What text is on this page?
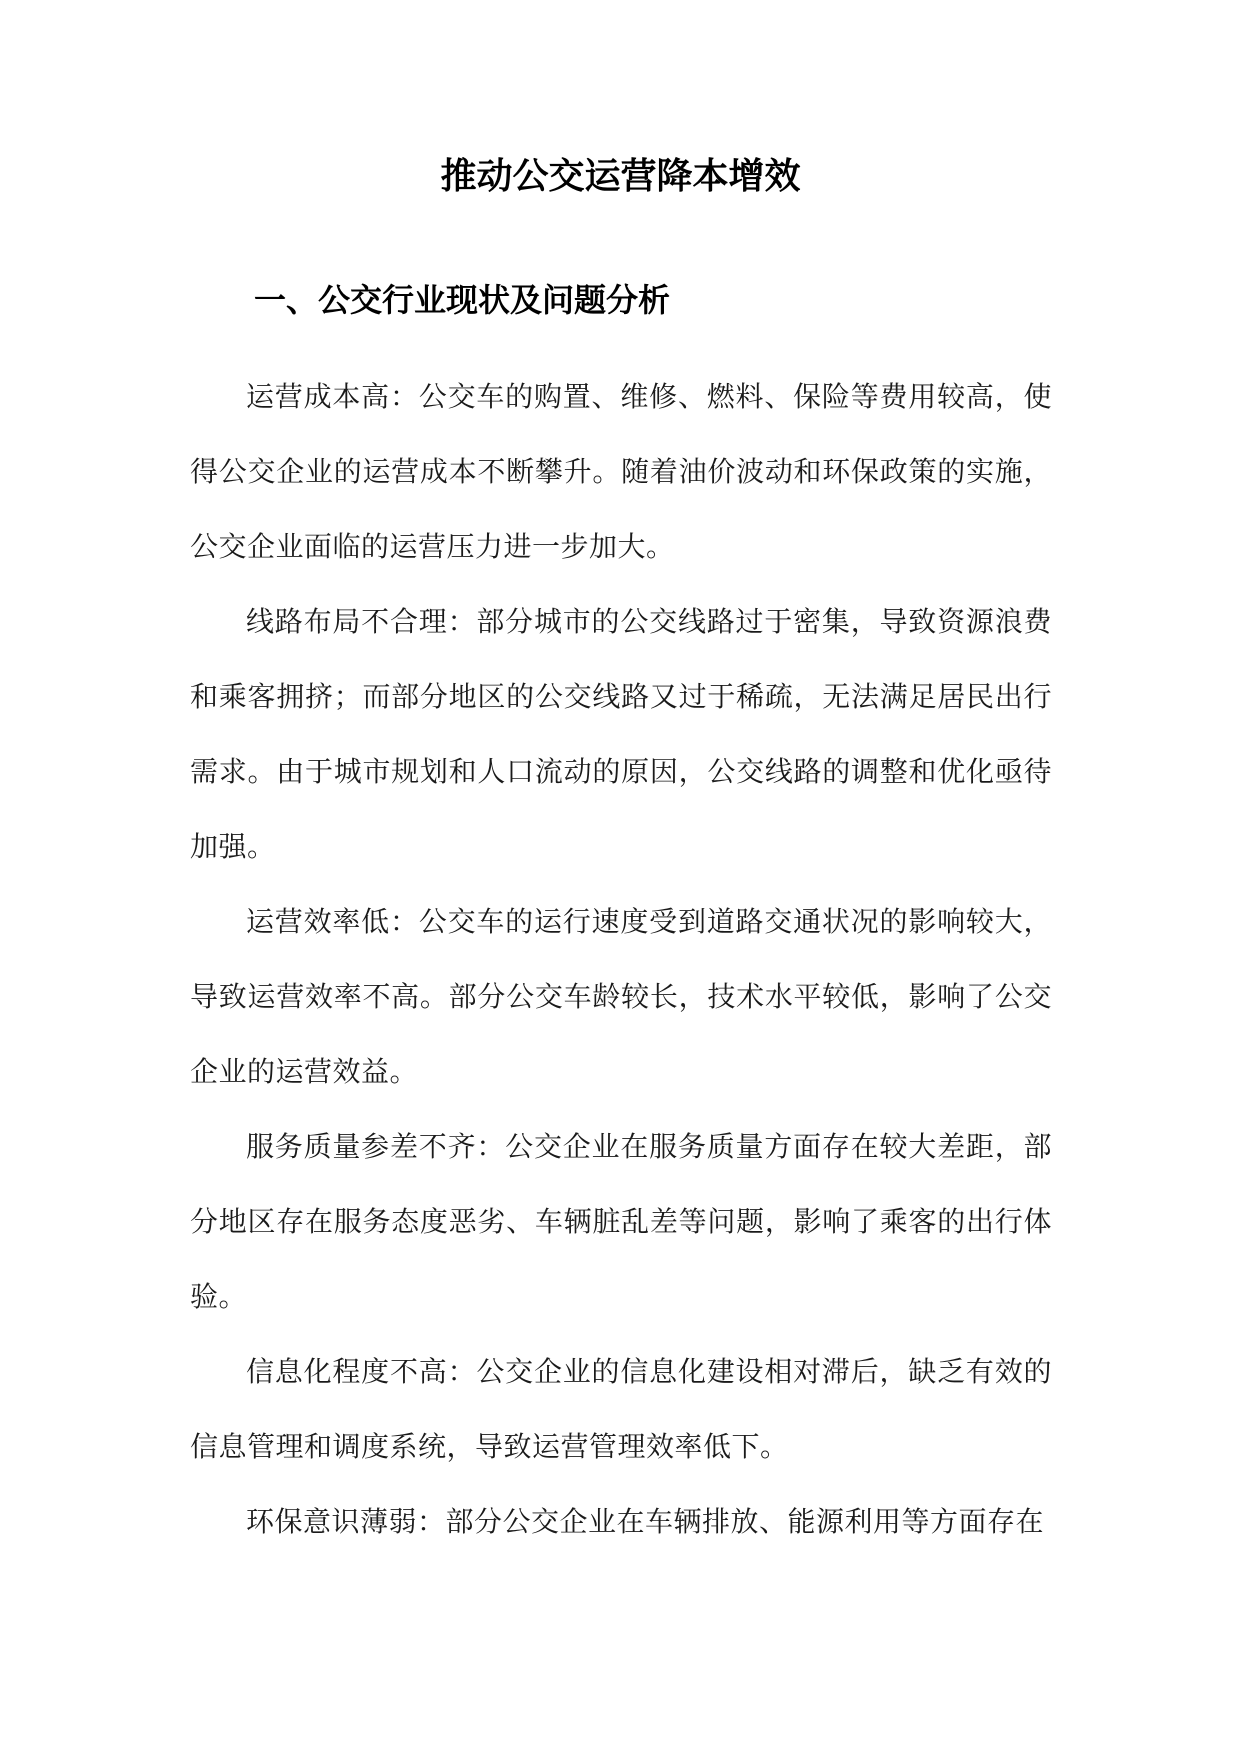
推动公交运营降本增效
一、公交行业现状及问题分析

运营成本高：公交车的购置、维修、燃料、保险等费用较高，使得公交企业的运营成本不断攀升。随着油价波动和环保政策的实施，公交企业面临的运营压力进一步加大。

线路布局不合理：部分城市的公交线路过于密集，导致资源浪费和乘客拥挤；而部分地区的公交线路又过于稀疏，无法满足居民出行需求。由于城市规划和人口流动的原因，公交线路的调整和优化亟待加强。

运营效率低：公交车的运行速度受到道路交通状况的影响较大，导致运营效率不高。部分公交车龄较长，技术水平较低，影响了公交企业的运营效益。

服务质量参差不齐：公交企业在服务质量方面存在较大差距，部分地区存在服务态度恶劣、车辆脏乱差等问题，影响了乘客的出行体验。

信息化程度不高：公交企业的信息化建设相对滞后，缺乏有效的信息管理和调度系统，导致运营管理效率低下。

环保意识薄弱：部分公交企业在车辆排放、能源利用等方面存在
